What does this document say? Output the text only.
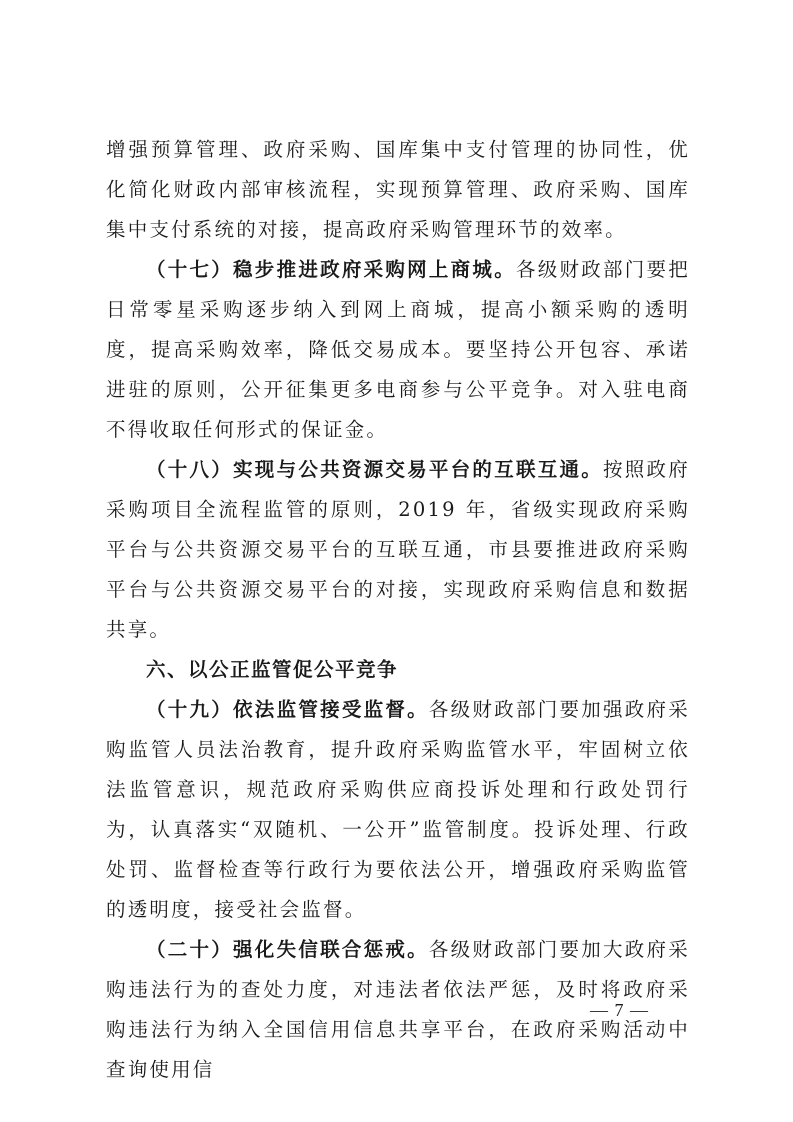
增强预算管理、政府采购、国库集中支付管理的协同性，优化简化财政内部审核流程，实现预算管理、政府采购、国库集中支付系统的对接，提高政府采购管理环节的效率。

（十七）稳步推进政府采购网上商城。各级财政部门要把日常零星采购逐步纳入到网上商城，提高小额采购的透明度，提高采购效率，降低交易成本。要坚持公开包容、承诺进驻的原则，公开征集更多电商参与公平竞争。对入驻电商不得收取任何形式的保证金。

（十八）实现与公共资源交易平台的互联互通。按照政府采购项目全流程监管的原则，2019 年，省级实现政府采购平台与公共资源交易平台的互联互通，市县要推进政府采购平台与公共资源交易平台的对接，实现政府采购信息和数据共享。

六、以公正监管促公平竞争

（十九）依法监管接受监督。各级财政部门要加强政府采购监管人员法治教育，提升政府采购监管水平，牢固树立依法监管意识，规范政府采购供应商投诉处理和行政处罚行为，认真落实“双随机、一公开”监管制度。投诉处理、行政处罚、监督检查等行政行为要依法公开，增强政府采购监管的透明度，接受社会监督。

（二十）强化失信联合惩戒。各级财政部门要加大政府采购违法行为的查处力度，对违法者依法严惩，及时将政府采购违法行为纳入全国信用信息共享平台，在政府采购活动中查询使用信

— 7 —
